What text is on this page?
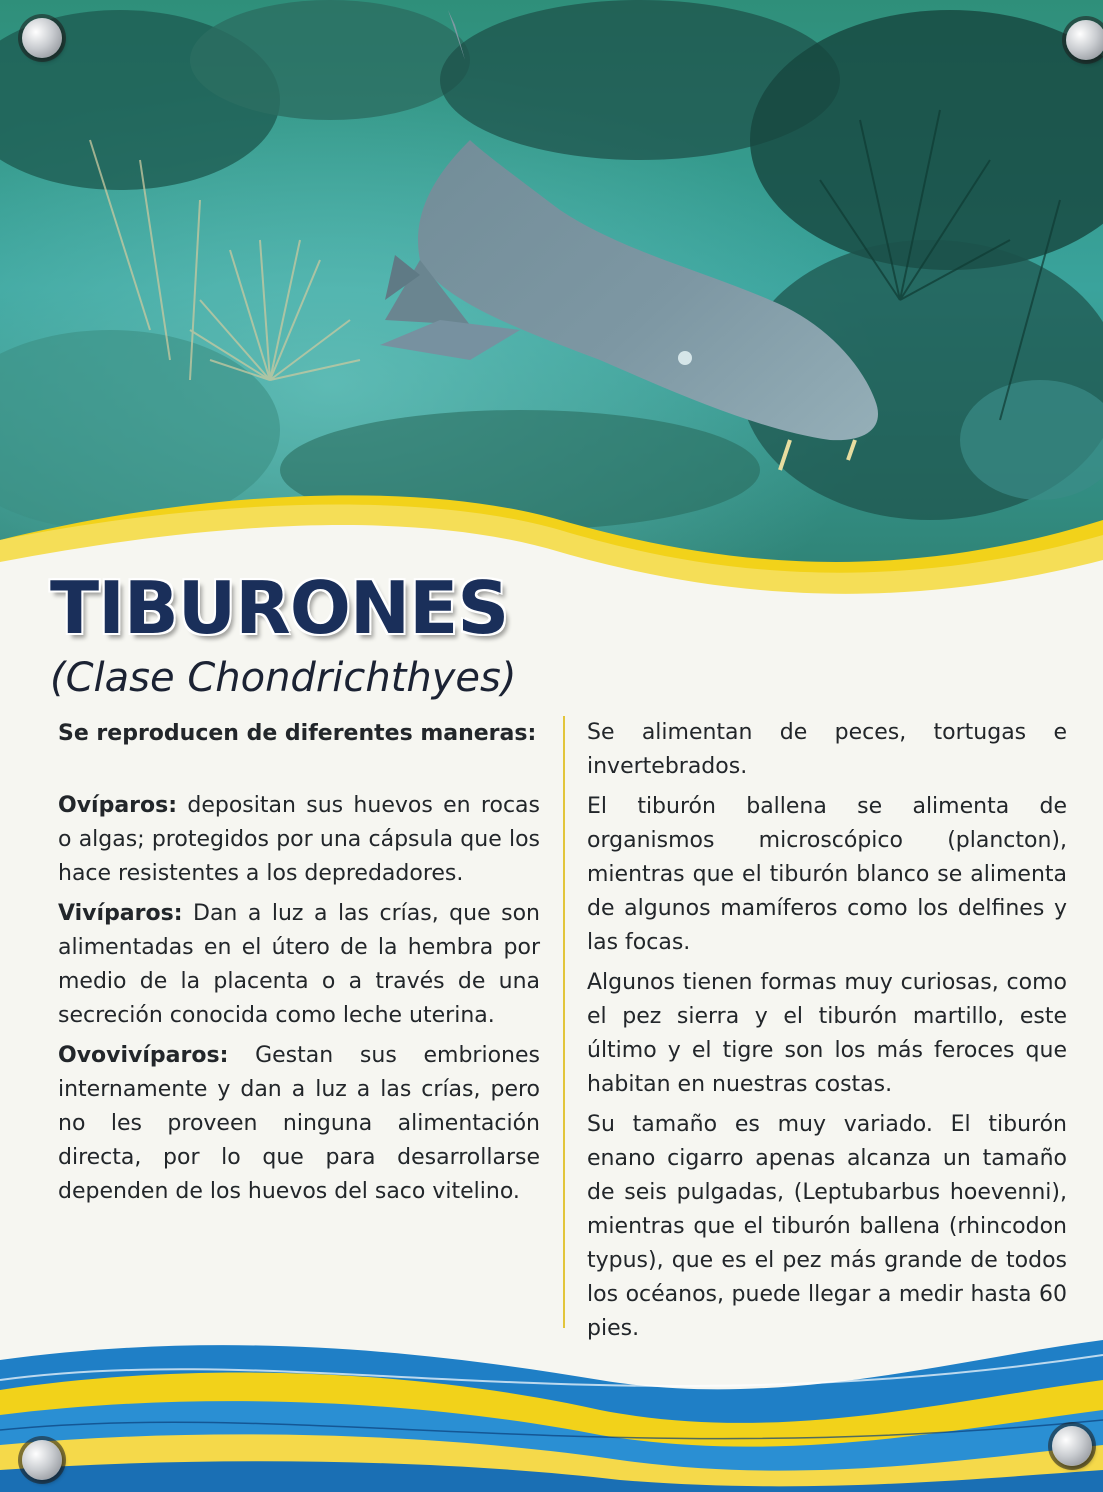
TIBURONES
(Clase Chondrichthyes)

Se reproducen de diferentes maneras:

Ovíparos: depositan sus huevos en rocas o algas; protegidos por una cápsula que los hace resistentes a los depredadores.

Vivíparos: Dan a luz a las crías, que son alimentadas en el útero de la hembra por medio de la placenta o a través de una secreción conocida como leche uterina.

Ovovivíparos: Gestan sus embriones internamente y dan a luz a las crías, pero no les proveen ninguna alimentación directa, por lo que para desarrollarse dependen de los huevos del saco vitelino.

Se alimentan de peces, tortugas e invertebrados.

El tiburón ballena se alimenta de organismos microscópico (plancton), mientras que el tiburón blanco se alimenta de algunos mamíferos como los delfines y las focas.

Algunos tienen formas muy curiosas, como el pez sierra y el tiburón martillo, este último y el tigre son los más feroces que habitan en nuestras costas.

Su tamaño es muy variado. El tiburón enano cigarro apenas alcanza un tamaño de seis pulgadas, (Leptubarbus hoevenni), mientras que el tiburón ballena (rhincodon typus), que es el pez más grande de todos los océanos, puede llegar a medir hasta 60 pies.
